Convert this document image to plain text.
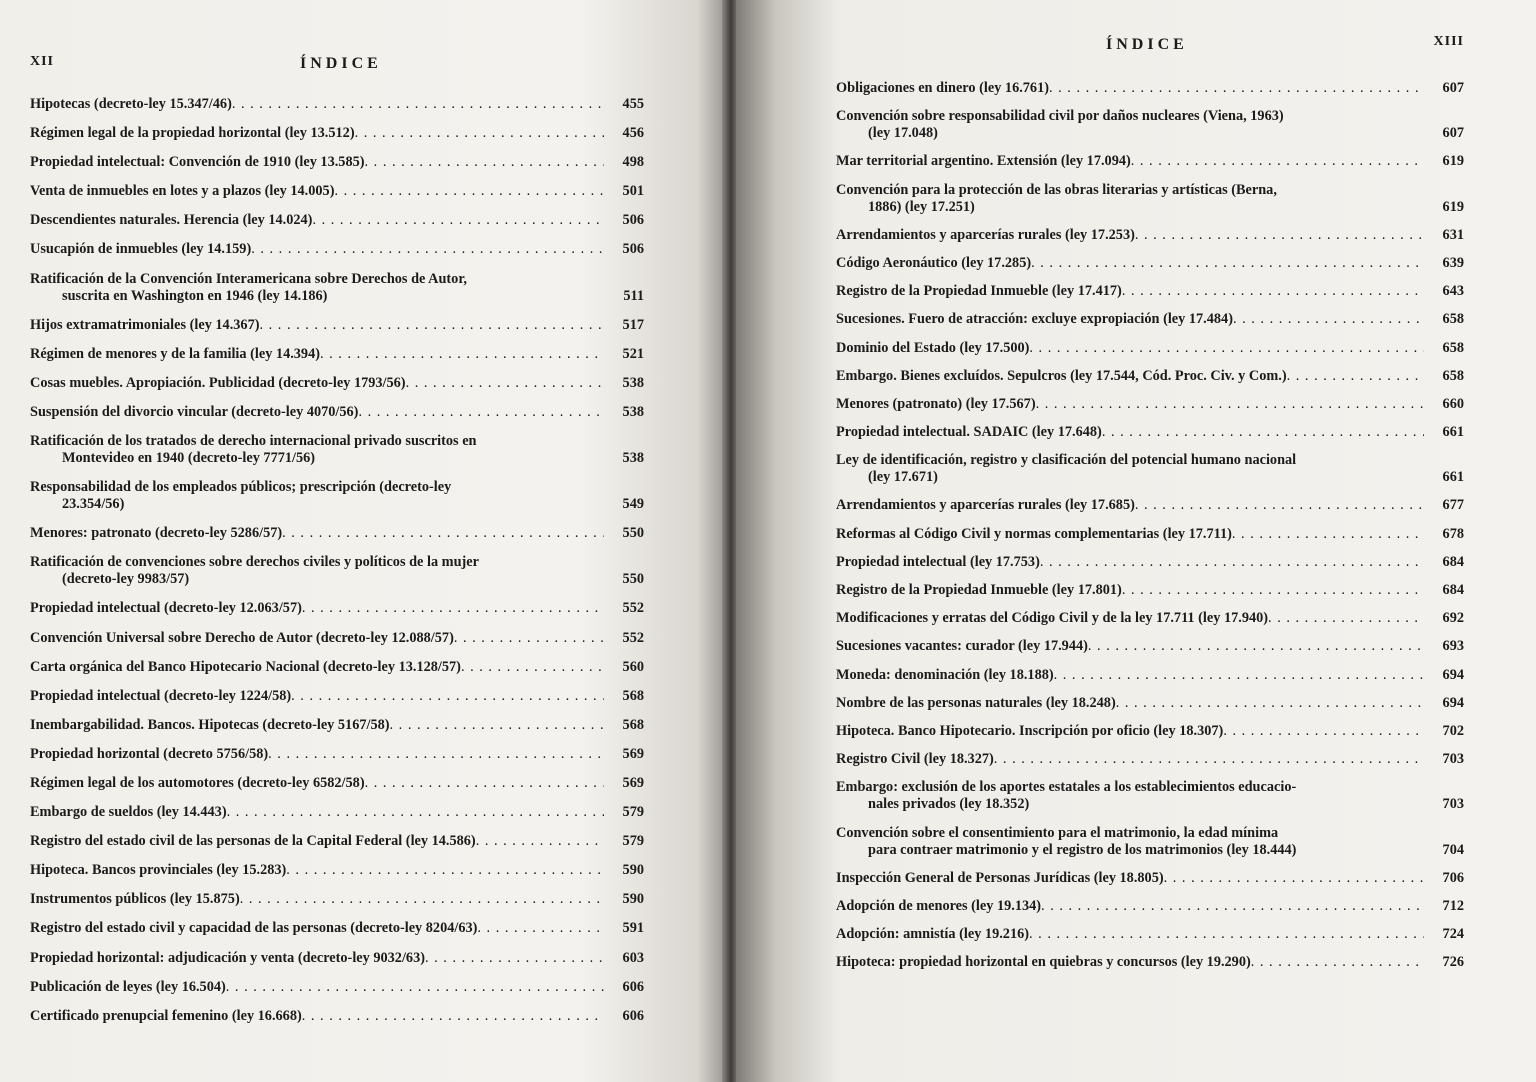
XII	ÍNDICE
Hipotecas (decreto-ley 15.347/46) . . .	455
Régimen legal de la propiedad horizontal (ley 13.512) . . .	456
Propiedad intelectual: Convención de 1910 (ley 13.585) . . .	498
Venta de inmuebles en lotes y a plazos (ley 14.005) . . .	501
Descendientes naturales. Herencia (ley 14.024) . . .	506
Usucapión de inmuebles (ley 14.159) . . .	506
Ratificación de la Convención Interamericana sobre Derechos de Autor,
suscrita en Washington en 1946 (ley 14.186)
. . .	511
Hijos extramatrimoniales (ley 14.367) . . .	517
Régimen de menores y de la familia (ley 14.394) . . .	521
Cosas muebles. Apropiación. Publicidad (decreto-ley 1793/56) . . .	538
Suspensión del divorcio vincular (decreto-ley 4070/56) . . .	538
Ratificación de los tratados de derecho internacional privado suscritos en
Montevideo en 1940 (decreto-ley 7771/56)
. . .	538
Responsabilidad de los empleados públicos; prescripción (decreto-ley
23.354/56)
. . .	549
Menores: patronato (decreto-ley 5286/57) . . .	550
Ratificación de convenciones sobre derechos civiles y políticos de la mujer
(decreto-ley 9983/57)
. . .	550
Propiedad intelectual (decreto-ley 12.063/57) . . .	552
Convención Universal sobre Derecho de Autor (decreto-ley 12.088/57) . . .	552
Carta orgánica del Banco Hipotecario Nacional (decreto-ley 13.128/57) . . .	560
Propiedad intelectual (decreto-ley 1224/58) . . .	568
Inembargabilidad. Bancos. Hipotecas (decreto-ley 5167/58) . . .	568
Propiedad horizontal (decreto 5756/58) . . .	569
Régimen legal de los automotores (decreto-ley 6582/58) . . .	569
Embargo de sueldos (ley 14.443) . . .	579
Registro del estado civil de las personas de la Capital Federal (ley 14.586) . . .	579
Hipoteca. Bancos provinciales (ley 15.283) . . .	590
Instrumentos públicos (ley 15.875) . . .	590
Registro del estado civil y capacidad de las personas (decreto-ley 8204/63) . . .	591
Propiedad horizontal: adjudicación y venta (decreto-ley 9032/63) . . .	603
Publicación de leyes (ley 16.504) . . .	606
Certificado prenupcial femenino (ley 16.668) . . .	606
ÍNDICE	XIII
Obligaciones en dinero (ley 16.761) . . .	607
Convención sobre responsabilidad civil por daños nucleares (Viena, 1963)
(ley 17.048)
. . .	607
Mar territorial argentino. Extensión (ley 17.094) . . .	619
Convención para la protección de las obras literarias y artísticas (Berna,
1886) (ley 17.251)
. . .	619
Arrendamientos y aparcerías rurales (ley 17.253) . . .	631
Código Aeronáutico (ley 17.285) . . .	639
Registro de la Propiedad Inmueble (ley 17.417) . . .	643
Sucesiones. Fuero de atracción: excluye expropiación (ley 17.484) . . .	658
Dominio del Estado (ley 17.500) . . .	658
Embargo. Bienes excluídos. Sepulcros (ley 17.544, Cód. Proc. Civ. y Com.) . . .	658
Menores (patronato) (ley 17.567) . . .	660
Propiedad intelectual. SADAIC (ley 17.648) . . .	661
Ley de identificación, registro y clasificación del potencial humano nacional
(ley 17.671)
. . .	661
Arrendamientos y aparcerías rurales (ley 17.685) . . .	677
Reformas al Código Civil y normas complementarias (ley 17.711) . . .	678
Propiedad intelectual (ley 17.753) . . .	684
Registro de la Propiedad Inmueble (ley 17.801) . . .	684
Modificaciones y erratas del Código Civil y de la ley 17.711 (ley 17.940) . . .	692
Sucesiones vacantes: curador (ley 17.944) . . .	693
Moneda: denominación (ley 18.188) . . .	694
Nombre de las personas naturales (ley 18.248) . . .	694
Hipoteca. Banco Hipotecario. Inscripción por oficio (ley 18.307) . . .	702
Registro Civil (ley 18.327) . . .	703
Embargo: exclusión de los aportes estatales a los establecimientos educacio-
nales privados (ley 18.352)
. . .	703
Convención sobre el consentimiento para el matrimonio, la edad mínima
para contraer matrimonio y el registro de los matrimonios (ley 18.444)
. . .	704
Inspección General de Personas Jurídicas (ley 18.805) . . .	706
Adopción de menores (ley 19.134) . . .	712
Adopción: amnistía (ley 19.216) . . .	724
Hipoteca: propiedad horizontal en quiebras y concursos (ley 19.290) . . .	726
